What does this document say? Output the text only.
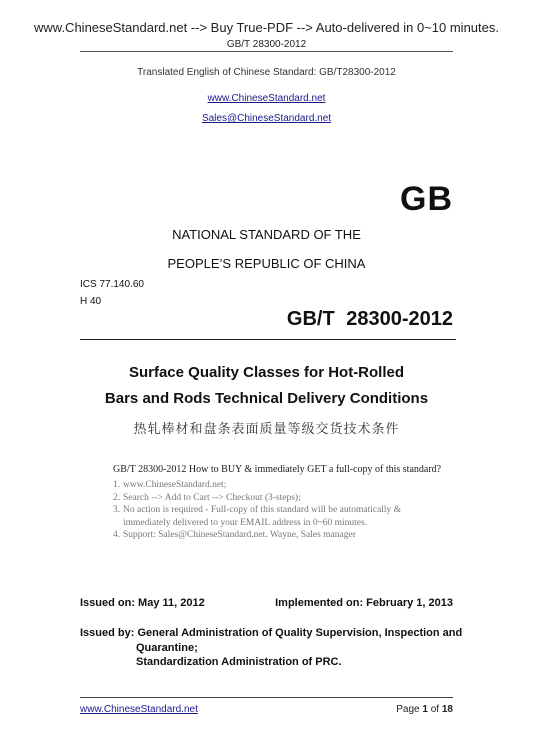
www.ChineseStandard.net --> Buy True-PDF --> Auto-delivered in 0~10 minutes.
GB/T 28300-2012
Translated English of Chinese Standard: GB/T28300-2012
www.ChineseStandard.net
Sales@ChineseStandard.net
GB
NATIONAL STANDARD OF THE
PEOPLE’S REPUBLIC OF CHINA
ICS 77.140.60
H 40
GB/T 28300-2012
Surface Quality Classes for Hot-Rolled
Bars and Rods Technical Delivery Conditions
热轧棒材和盘条表面质量等级交货技术条件
GB/T 28300-2012 How to BUY & immediately GET a full-copy of this standard?
1. www.ChineseStandard.net;
2. Search --> Add to Cart --> Checkout (3-steps);
3. No action is required - Full-copy of this standard will be automatically &
immediately delivered to your EMAIL address in 0~60 minutes.
4. Support: Sales@ChineseStandard.net. Wayne, Sales manager
Issued on: May 11, 2012	Implemented on: February 1, 2013
Issued by: General Administration of Quality Supervision, Inspection and
Quarantine;
Standardization Administration of PRC.
www.ChineseStandard.net	Page 1 of 18
